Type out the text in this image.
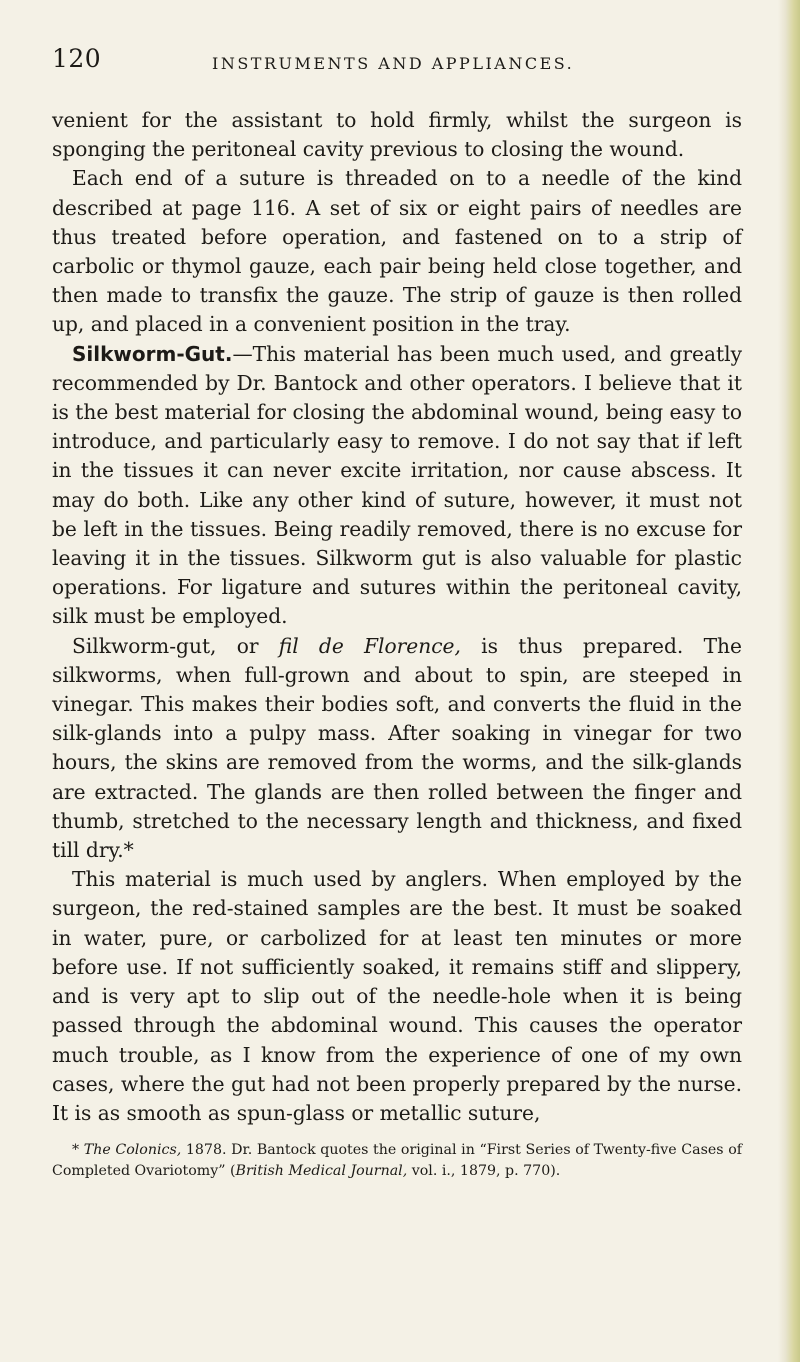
120	INSTRUMENTS AND APPLIANCES.

venient for the assistant to hold firmly, whilst the surgeon is sponging the peritoneal cavity previous to closing the wound.

Each end of a suture is threaded on to a needle of the kind described at page 116. A set of six or eight pairs of needles are thus treated before operation, and fastened on to a strip of carbolic or thymol gauze, each pair being held close together, and then made to transfix the gauze. The strip of gauze is then rolled up, and placed in a convenient position in the tray.

Silkworm-Gut.—This material has been much used, and greatly recommended by Dr. Bantock and other operators. I believe that it is the best material for closing the abdominal wound, being easy to introduce, and particularly easy to remove. I do not say that if left in the tissues it can never excite irritation, nor cause abscess. It may do both. Like any other kind of suture, however, it must not be left in the tissues. Being readily removed, there is no excuse for leaving it in the tissues. Silkworm gut is also valuable for plastic operations. For ligature and sutures within the peritoneal cavity, silk must be employed.

Silkworm-gut, or fil de Florence, is thus prepared. The silkworms, when full-grown and about to spin, are steeped in vinegar. This makes their bodies soft, and converts the fluid in the silk-glands into a pulpy mass. After soaking in vinegar for two hours, the skins are removed from the worms, and the silk-glands are extracted. The glands are then rolled between the finger and thumb, stretched to the necessary length and thickness, and fixed till dry.*

This material is much used by anglers. When employed by the surgeon, the red-stained samples are the best. It must be soaked in water, pure, or carbolized for at least ten minutes or more before use. If not sufficiently soaked, it remains stiff and slippery, and is very apt to slip out of the needle-hole when it is being passed through the abdominal wound. This causes the operator much trouble, as I know from the experience of one of my own cases, where the gut had not been properly prepared by the nurse. It is as smooth as spun-glass or metallic suture,

* The Colonics, 1878. Dr. Bantock quotes the original in “First Series of Twenty-five Cases of Completed Ovariotomy” (British Medical Journal, vol. i., 1879, p. 770).
